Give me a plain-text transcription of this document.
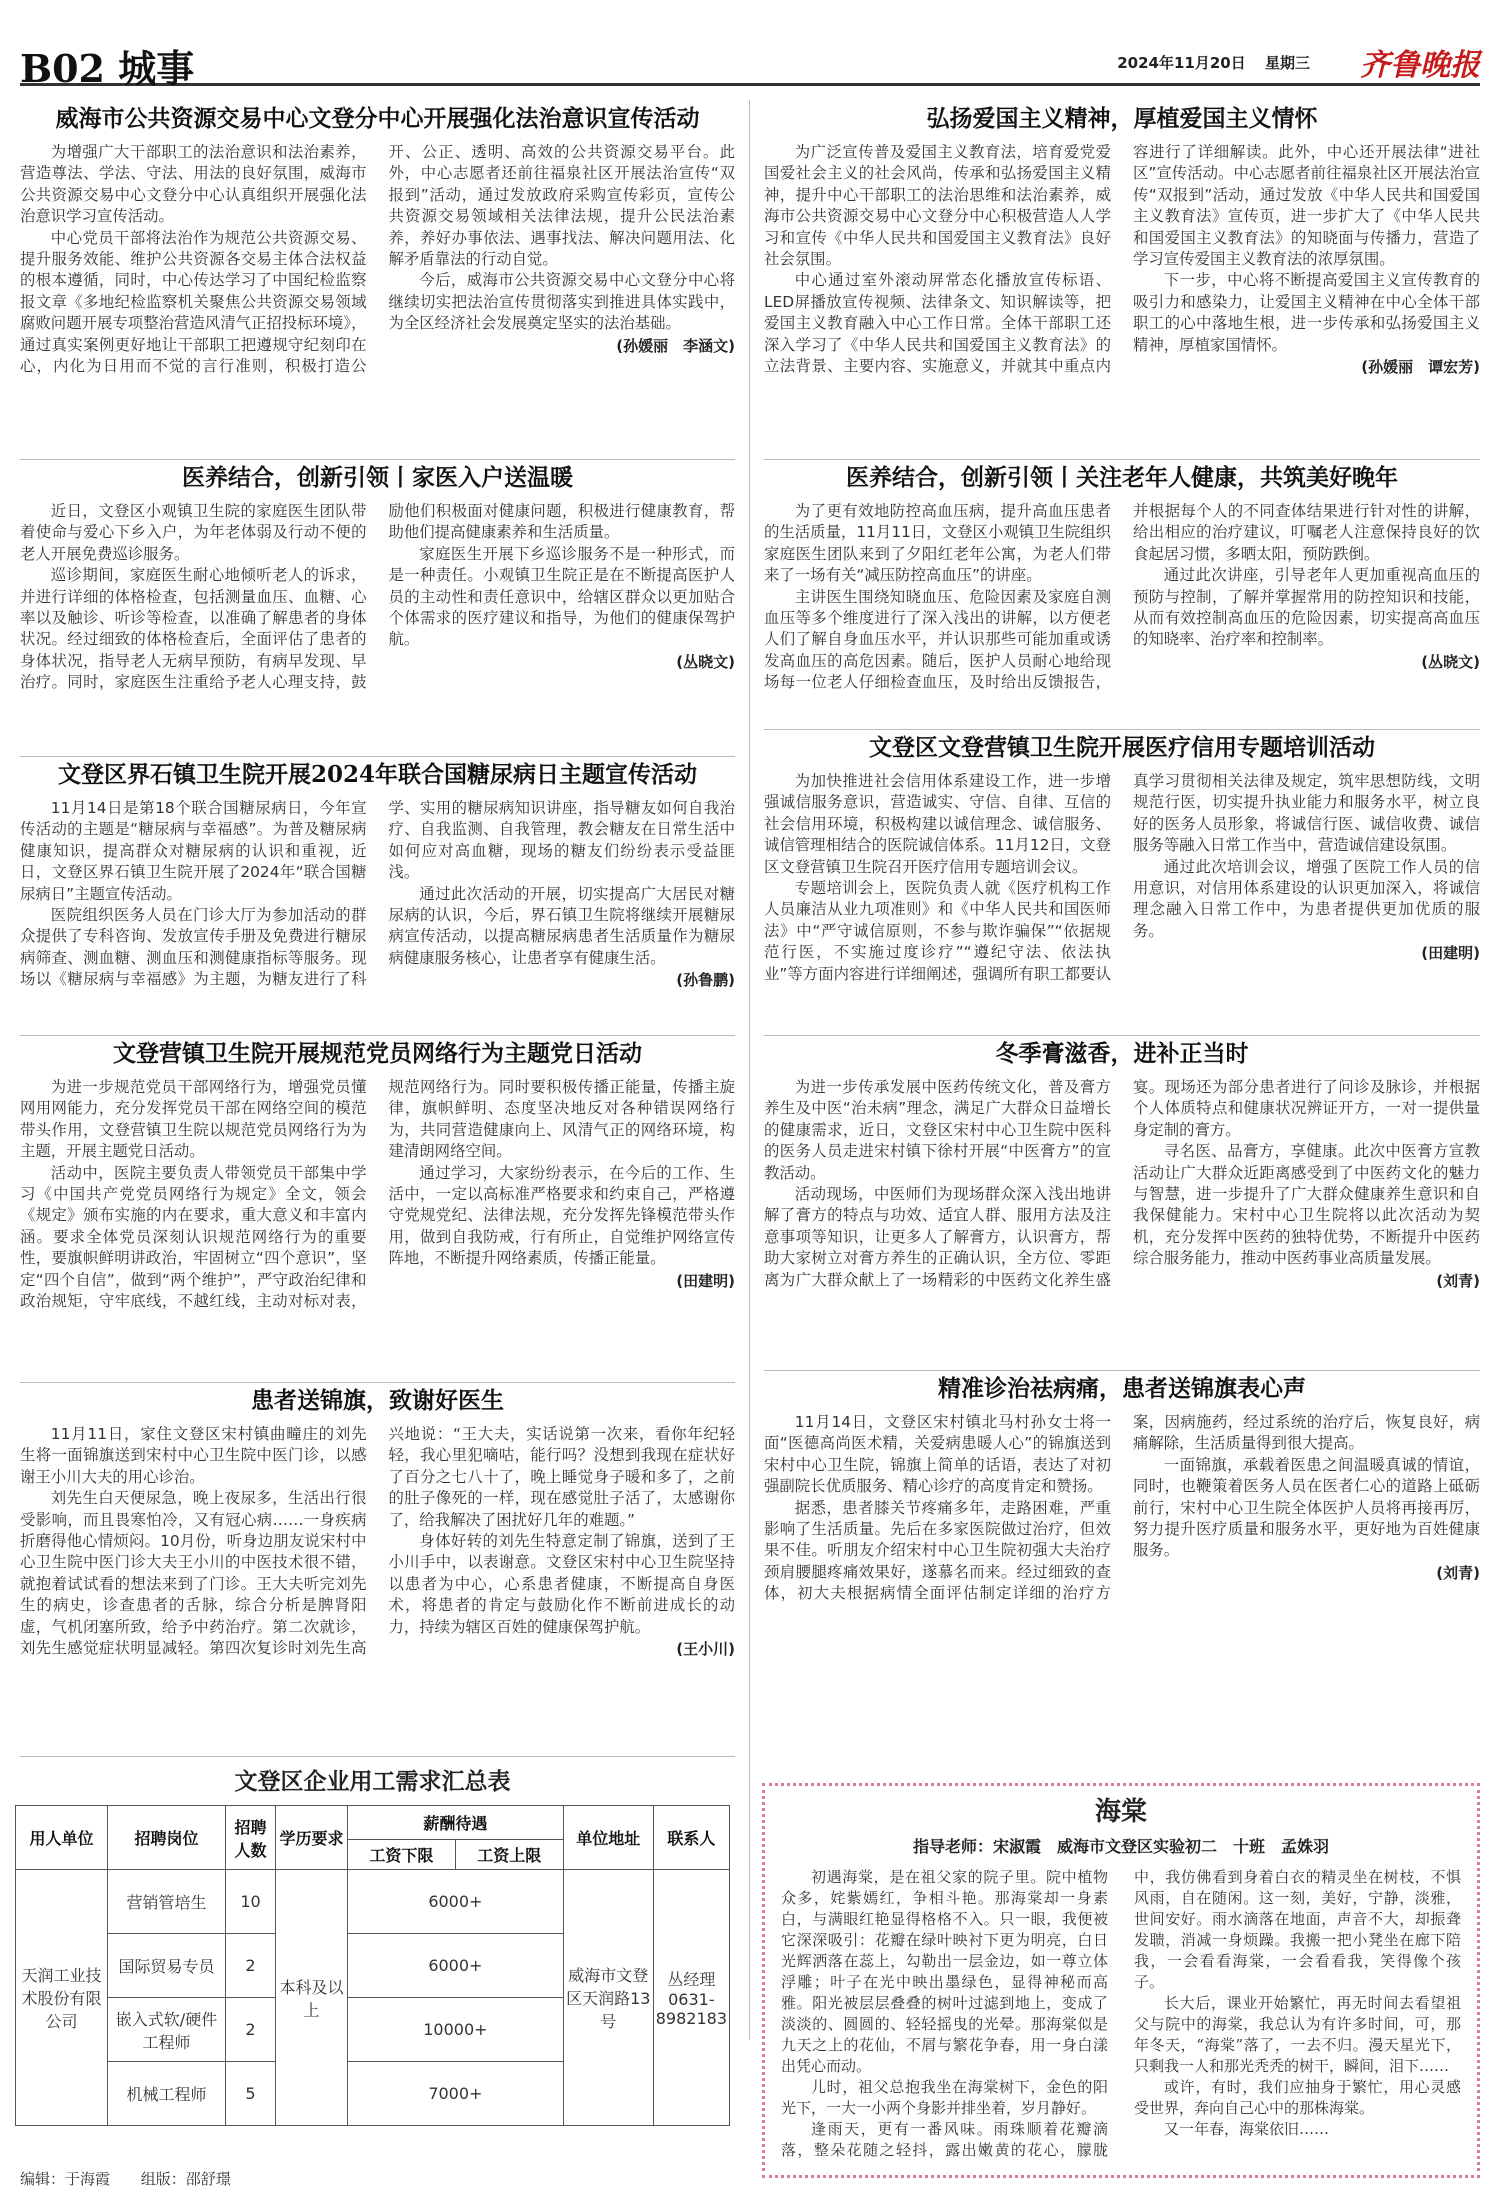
B02 城事	2024年11月20日 星期三 齐鲁晚报
威海市公共资源交易中心文登分中心开展强化法治意识宣传活动

为增强广大干部职工的法治意识和法治素养，营造尊法、学法、守法、用法的良好氛围，威海市公共资源交易中心文登分中心认真组织开展强化法治意识学习宣传活动。

中心党员干部将法治作为规范公共资源交易、提升服务效能、维护公共资源各交易主体合法权益的根本遵循，同时，中心传达学习了中国纪检监察报文章《多地纪检监察机关聚焦公共资源交易领域腐败问题开展专项整治营造风清气正招投标环境》，通过真实案例更好地让干部职工把遵规守纪刻印在心，内化为日用而不觉的言行准则，积极打造公开、公正、透明、高效的公共资源交易平台。此外，中心志愿者还前往福泉社区开展法治宣传“双报到”活动，通过发放政府采购宣传彩页，宣传公共资源交易领域相关法律法规，提升公民法治素养，养好办事依法、遇事找法、解决问题用法、化解矛盾靠法的行动自觉。

今后，威海市公共资源交易中心文登分中心将继续切实把法治宣传贯彻落实到推进具体实践中，为全区经济社会发展奠定坚实的法治基础。

(孙媛丽　李涵文)
弘扬爱国主义精神，厚植爱国主义情怀

为广泛宣传普及爱国主义教育法，培育爱党爱国爱社会主义的社会风尚，传承和弘扬爱国主义精神，提升中心干部职工的法治思维和法治素养，威海市公共资源交易中心文登分中心积极营造人人学习和宣传《中华人民共和国爱国主义教育法》良好社会氛围。

中心通过室外滚动屏常态化播放宣传标语、LED屏播放宣传视频、法律条文、知识解读等，把爱国主义教育融入中心工作日常。全体干部职工还深入学习了《中华人民共和国爱国主义教育法》的立法背景、主要内容、实施意义，并就其中重点内容进行了详细解读。此外，中心还开展法律“进社区”宣传活动。中心志愿者前往福泉社区开展法治宣传“双报到”活动，通过发放《中华人民共和国爱国主义教育法》宣传页，进一步扩大了《中华人民共和国爱国主义教育法》的知晓面与传播力，营造了学习宣传爱国主义教育法的浓厚氛围。

下一步，中心将不断提高爱国主义宣传教育的吸引力和感染力，让爱国主义精神在中心全体干部职工的心中落地生根，进一步传承和弘扬爱国主义精神，厚植家国情怀。

(孙媛丽　谭宏芳)
医养结合，创新引领丨家医入户送温暖

近日，文登区小观镇卫生院的家庭医生团队带着使命与爱心下乡入户，为年老体弱及行动不便的老人开展免费巡诊服务。

巡诊期间，家庭医生耐心地倾听老人的诉求，并进行详细的体格检查，包括测量血压、血糖、心率以及触诊、听诊等检查，以准确了解患者的身体状况。经过细致的体格检查后，全面评估了患者的身体状况，指导老人无病早预防，有病早发现、早治疗。同时，家庭医生注重给予老人心理支持，鼓励他们积极面对健康问题，积极进行健康教育，帮助他们提高健康素养和生活质量。

家庭医生开展下乡巡诊服务不是一种形式，而是一种责任。小观镇卫生院正是在不断提高医护人员的主动性和责任意识中，给辖区群众以更加贴合个体需求的医疗建议和指导，为他们的健康保驾护航。

(丛晓文)
医养结合，创新引领丨关注老年人健康，共筑美好晚年

为了更有效地防控高血压病，提升高血压患者的生活质量，11月11日，文登区小观镇卫生院组织家庭医生团队来到了夕阳红老年公寓，为老人们带来了一场有关“减压防控高血压”的讲座。

主讲医生围绕知晓血压、危险因素及家庭自测血压等多个维度进行了深入浅出的讲解，以方便老人们了解自身血压水平，并认识那些可能加重或诱发高血压的高危因素。随后，医护人员耐心地给现场每一位老人仔细检查血压，及时给出反馈报告，并根据每个人的不同查体结果进行针对性的讲解，给出相应的治疗建议，叮嘱老人注意保持良好的饮食起居习惯，多晒太阳，预防跌倒。

通过此次讲座，引导老年人更加重视高血压的预防与控制，了解并掌握常用的防控知识和技能，从而有效控制高血压的危险因素，切实提高高血压的知晓率、治疗率和控制率。

(丛晓文)
文登区界石镇卫生院开展2024年联合国糖尿病日主题宣传活动

11月14日是第18个联合国糖尿病日，今年宣传活动的主题是“糖尿病与幸福感”。为普及糖尿病健康知识，提高群众对糖尿病的认识和重视，近日，文登区界石镇卫生院开展了2024年“联合国糖尿病日”主题宣传活动。

医院组织医务人员在门诊大厅为参加活动的群众提供了专科咨询、发放宣传手册及免费进行糖尿病筛查、测血糖、测血压和测健康指标等服务。现场以《糖尿病与幸福感》为主题，为糖友进行了科学、实用的糖尿病知识讲座，指导糖友如何自我治疗、自我监测、自我管理，教会糖友在日常生活中如何应对高血糖，现场的糖友们纷纷表示受益匪浅。

通过此次活动的开展，切实提高广大居民对糖尿病的认识，今后，界石镇卫生院将继续开展糖尿病宣传活动，以提高糖尿病患者生活质量作为糖尿病健康服务核心，让患者享有健康生活。

(孙鲁鹏)
文登区文登营镇卫生院开展医疗信用专题培训活动

为加快推进社会信用体系建设工作，进一步增强诚信服务意识，营造诚实、守信、自律、互信的社会信用环境，积极构建以诚信理念、诚信服务、诚信管理相结合的医院诚信体系。11月12日，文登区文登营镇卫生院召开医疗信用专题培训会议。

专题培训会上，医院负责人就《医疗机构工作人员廉洁从业九项准则》和《中华人民共和国医师法》中“严守诚信原则，不参与欺诈骗保”“依据规范行医，不实施过度诊疗”“遵纪守法、依法执业”等方面内容进行详细阐述，强调所有职工都要认真学习贯彻相关法律及规定，筑牢思想防线，文明规范行医，切实提升执业能力和服务水平，树立良好的医务人员形象，将诚信行医、诚信收费、诚信服务等融入日常工作当中，营造诚信建设氛围。

通过此次培训会议，增强了医院工作人员的信用意识，对信用体系建设的认识更加深入，将诚信理念融入日常工作中，为患者提供更加优质的服务。

(田建明)
文登营镇卫生院开展规范党员网络行为主题党日活动

为进一步规范党员干部网络行为，增强党员懂网用网能力，充分发挥党员干部在网络空间的模范带头作用，文登营镇卫生院以规范党员网络行为为主题，开展主题党日活动。

活动中，医院主要负责人带领党员干部集中学习《中国共产党党员网络行为规定》全文，领会《规定》颁布实施的内在要求，重大意义和丰富内涵。要求全体党员深刻认识规范网络行为的重要性，要旗帜鲜明讲政治，牢固树立“四个意识”，坚定“四个自信”，做到“两个维护”，严守政治纪律和政治规矩，守牢底线，不越红线，主动对标对表，规范网络行为。同时要积极传播正能量，传播主旋律，旗帜鲜明、态度坚决地反对各种错误网络行为，共同营造健康向上、风清气正的网络环境，构建清朗网络空间。

通过学习，大家纷纷表示，在今后的工作、生活中，一定以高标准严格要求和约束自己，严格遵守党规党纪、法律法规，充分发挥先锋模范带头作用，做到自我防戒，行有所止，自觉维护网络宣传阵地，不断提升网络素质，传播正能量。

(田建明)
冬季膏滋香，进补正当时

为进一步传承发展中医药传统文化，普及膏方养生及中医“治未病”理念，满足广大群众日益增长的健康需求，近日，文登区宋村中心卫生院中医科的医务人员走进宋村镇下徐村开展“中医膏方”的宣教活动。

活动现场，中医师们为现场群众深入浅出地讲解了膏方的特点与功效、适宜人群、服用方法及注意事项等知识，让更多人了解膏方，认识膏方，帮助大家树立对膏方养生的正确认识，全方位、零距离为广大群众献上了一场精彩的中医药文化养生盛宴。现场还为部分患者进行了问诊及脉诊，并根据个人体质特点和健康状况辨证开方，一对一提供量身定制的膏方。

寻名医、品膏方，享健康。此次中医膏方宣教活动让广大群众近距离感受到了中医药文化的魅力与智慧，进一步提升了广大群众健康养生意识和自我保健能力。宋村中心卫生院将以此次活动为契机，充分发挥中医药的独特优势，不断提升中医药综合服务能力，推动中医药事业高质量发展。

(刘青)
患者送锦旗，致谢好医生

11月11日，家住文登区宋村镇曲疃庄的刘先生将一面锦旗送到宋村中心卫生院中医门诊，以感谢王小川大夫的用心诊治。

刘先生白天便尿急，晚上夜尿多，生活出行很受影响，而且畏寒怕冷，又有冠心病……一身疾病折磨得他心情烦闷。10月份，听身边朋友说宋村中心卫生院中医门诊大夫王小川的中医技术很不错，就抱着试试看的想法来到了门诊。王大夫听完刘先生的病史，诊查患者的舌脉，综合分析是脾肾阳虚，气机闭塞所致，给予中药治疗。第二次就诊，刘先生感觉症状明显减轻。第四次复诊时刘先生高兴地说：“王大夫，实话说第一次来，看你年纪轻轻，我心里犯嘀咕，能行吗？没想到我现在症状好了百分之七八十了，晚上睡觉身子暖和多了，之前的肚子像死的一样，现在感觉肚子活了，太感谢你了，给我解决了困扰好几年的难题。”

身体好转的刘先生特意定制了锦旗，送到了王小川手中，以表谢意。文登区宋村中心卫生院坚持以患者为中心，心系患者健康，不断提高自身医术，将患者的肯定与鼓励化作不断前进成长的动力，持续为辖区百姓的健康保驾护航。

(王小川)
精准诊治祛病痛，患者送锦旗表心声

11月14日，文登区宋村镇北马村孙女士将一面“医德高尚医术精，关爱病患暖人心”的锦旗送到宋村中心卫生院，锦旗上简单的话语，表达了对初强副院长优质服务、精心诊疗的高度肯定和赞扬。

据悉，患者膝关节疼痛多年，走路困难，严重影响了生活质量。先后在多家医院做过治疗，但效果不佳。听朋友介绍宋村中心卫生院初强大夫治疗颈肩腰腿疼痛效果好，遂慕名而来。经过细致的查体，初大夫根据病情全面评估制定详细的治疗方案，因病施药，经过系统的治疗后，恢复良好，病痛解除，生活质量得到很大提高。

一面锦旗，承载着医患之间温暖真诚的情谊，同时，也鞭策着医务人员在医者仁心的道路上砥砺前行，宋村中心卫生院全体医护人员将再接再厉，努力提升医疗质量和服务水平，更好地为百姓健康服务。

(刘青)
文登区企业用工需求汇总表
用人单位	招聘岗位	招聘人数	学历要求	薪酬待遇		单位地址	联系人
				工资下限	工资上限		
天润工业技术股份有限公司	营销管培生	10	本科及以上	6000+		威海市文登区天润路13号	丛经理 0631-8982183
	国际贸易专员	2		6000+			
	嵌入式软/硬件工程师	2		10000+			
	机械工程师	5		7000+			
海棠
指导老师：宋淑霞　威海市文登区实验初二　十班　孟姝羽

初遇海棠，是在祖父家的院子里。院中植物众多，姹紫嫣红，争相斗艳。那海棠却一身素白，与满眼红艳显得格格不入。只一眼，我便被它深深吸引：花瓣在绿叶映衬下更为明亮，白日光辉洒落在蕊上，勾勒出一层金边，如一尊立体浮雕；叶子在光中映出墨绿色，显得神秘而高雅。阳光被层层叠叠的树叶过滤到地上，变成了淡淡的、圆圆的、轻轻摇曳的光晕。那海棠似是九天之上的花仙，不屑与繁花争春，用一身白漾出凭心而动。

儿时，祖父总抱我坐在海棠树下，金色的阳光下，一大一小两个身影并排坐着，岁月静好。

逢雨天，更有一番风味。雨珠顺着花瓣滴落，整朵花随之轻抖，露出嫩黄的花心，朦胧中，我仿佛看到身着白衣的精灵坐在树枝，不惧风雨，自在随闲。这一刻，美好，宁静，淡雅，世间安好。雨水滴落在地面，声音不大，却振聋发聩，消减一身烦躁。我搬一把小凳坐在廊下陪我，一会看看海棠，一会看看我，笑得像个孩子。

长大后，课业开始繁忙，再无时间去看望祖父与院中的海棠，我总认为有许多时间，可，那年冬天，“海棠”落了，一去不归。漫天星光下，只剩我一人和那光秃秃的树干，瞬间，泪下……

或许，有时，我们应抽身于繁忙，用心灵感受世界，奔向自己心中的那株海棠。

又一年春，海棠依旧……

编辑：于海霞 组版：邵舒璟
